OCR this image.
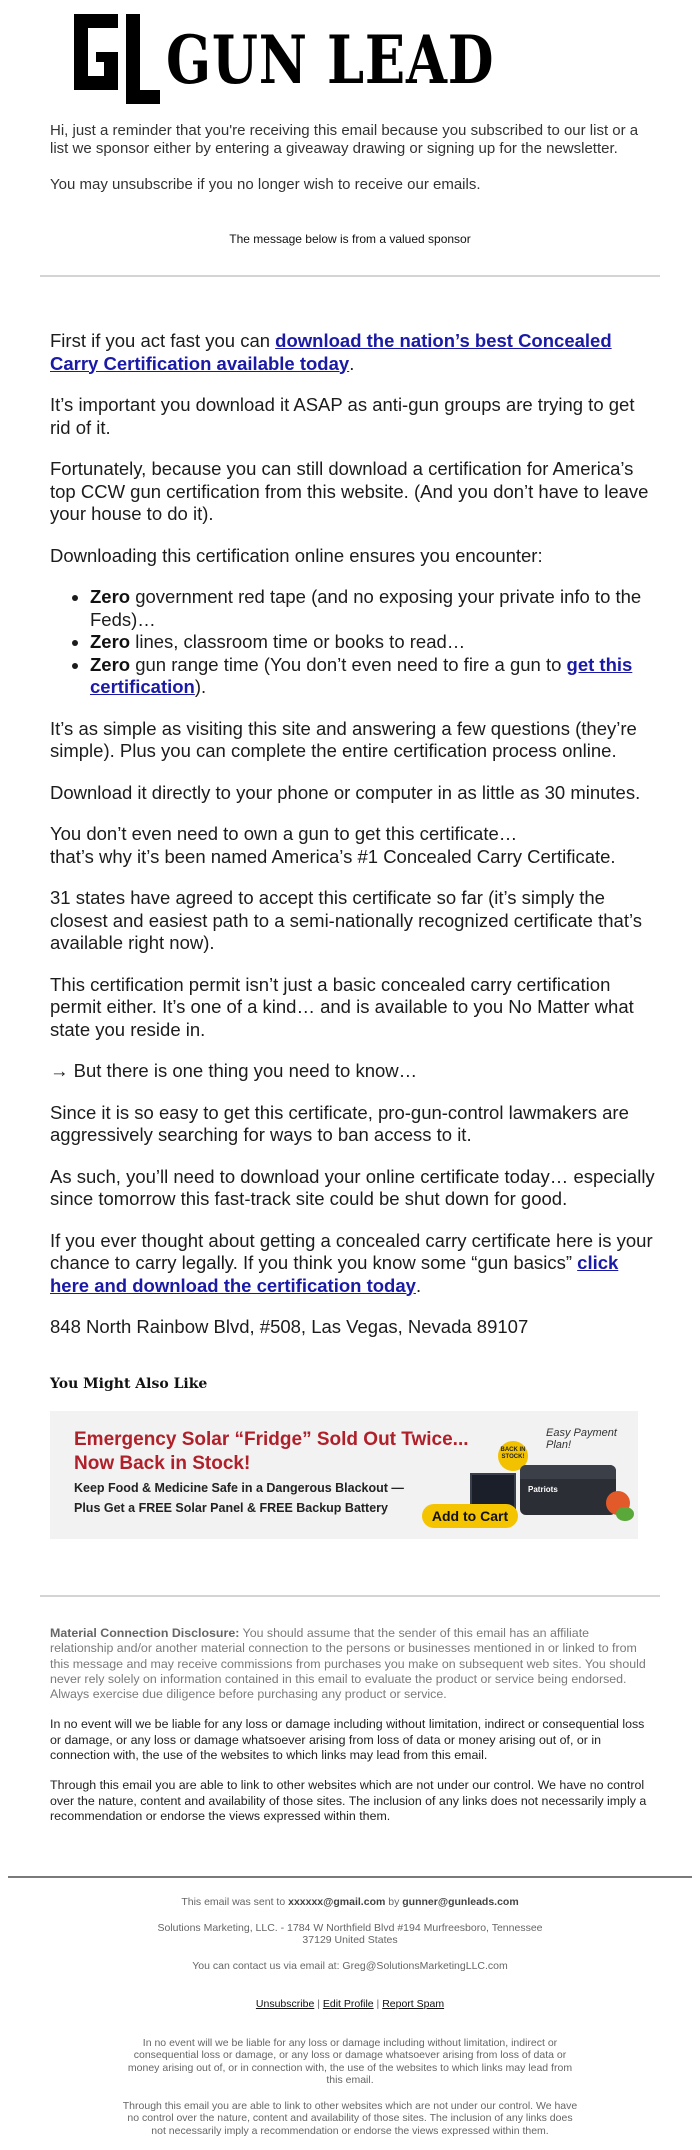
GUN LEAD

Hi, just a reminder that you're receiving this email because you subscribed to our list or a list we sponsor either by entering a giveaway drawing or signing up for the newsletter.

You may unsubscribe if you no longer wish to receive our emails.

The message below is from a valued sponsor

First if you act fast you can download the nation’s best Concealed Carry Certification available today.

It’s important you download it ASAP as anti-gun groups are trying to get rid of it.

Fortunately, because you can still download a certification for America’s top CCW gun certification from this website. (And you don’t have to leave your house to do it).

Downloading this certification online ensures you encounter:

• Zero government red tape (and no exposing your private info to the Feds)…
• Zero lines, classroom time or books to read…
• Zero gun range time (You don’t even need to fire a gun to get this certification).

It’s as simple as visiting this site and answering a few questions (they’re simple). Plus you can complete the entire certification process online.

Download it directly to your phone or computer in as little as 30 minutes.

You don’t even need to own a gun to get this certificate…
that’s why it’s been named America’s #1 Concealed Carry Certificate.

31 states have agreed to accept this certificate so far (it’s simply the closest and easiest path to a semi-nationally recognized certificate that’s available right now).

This certification permit isn’t just a basic concealed carry certification permit either. It’s one of a kind… and is available to you No Matter what state you reside in.

→ But there is one thing you need to know…

Since it is so easy to get this certificate, pro-gun-control lawmakers are aggressively searching for ways to ban access to it.

As such, you’ll need to download your online certificate today… especially since tomorrow this fast-track site could be shut down for good.

If you ever thought about getting a concealed carry certificate here is your chance to carry legally. If you think you know some “gun basics” click here and download the certification today.

848 North Rainbow Blvd, #508, Las Vegas, Nevada 89107

You Might Also Like
Emergency Solar “Fridge” Sold Out Twice...
Now Back in Stock!
Keep Food & Medicine Safe in a Dangerous Blackout —
Plus Get a FREE Solar Panel & FREE Backup Battery
Easy Payment Plan!
BACK IN STOCK!
Patriots
Add to Cart

Material Connection Disclosure: You should assume that the sender of this email has an affiliate relationship and/or another material connection to the persons or businesses mentioned in or linked to from this message and may receive commissions from purchases you make on subsequent web sites. You should never rely solely on information contained in this email to evaluate the product or service being endorsed. Always exercise due diligence before purchasing any product or service.

In no event will we be liable for any loss or damage including without limitation, indirect or consequential loss or damage, or any loss or damage whatsoever arising from loss of data or money arising out of, or in connection with, the use of the websites to which links may lead from this email.

Through this email you are able to link to other websites which are not under our control. We have no control over the nature, content and availability of those sites. The inclusion of any links does not necessarily imply a recommendation or endorse the views expressed within them.

This email was sent to xxxxxx@gmail.com by gunner@gunleads.com

Solutions Marketing, LLC. - 1784 W Northfield Blvd #194 Murfreesboro, Tennessee
37129 United States

You can contact us via email at: Greg@SolutionsMarketingLLC.com

Unsubscribe | Edit Profile | Report Spam

In no event will we be liable for any loss or damage including without limitation, indirect or consequential loss or damage, or any loss or damage whatsoever arising from loss of data or money arising out of, or in connection with, the use of the websites to which links may lead from this email.

Through this email you are able to link to other websites which are not under our control. We have no control over the nature, content and availability of those sites. The inclusion of any links does not necessarily imply a recommendation or endorse the views expressed within them.
